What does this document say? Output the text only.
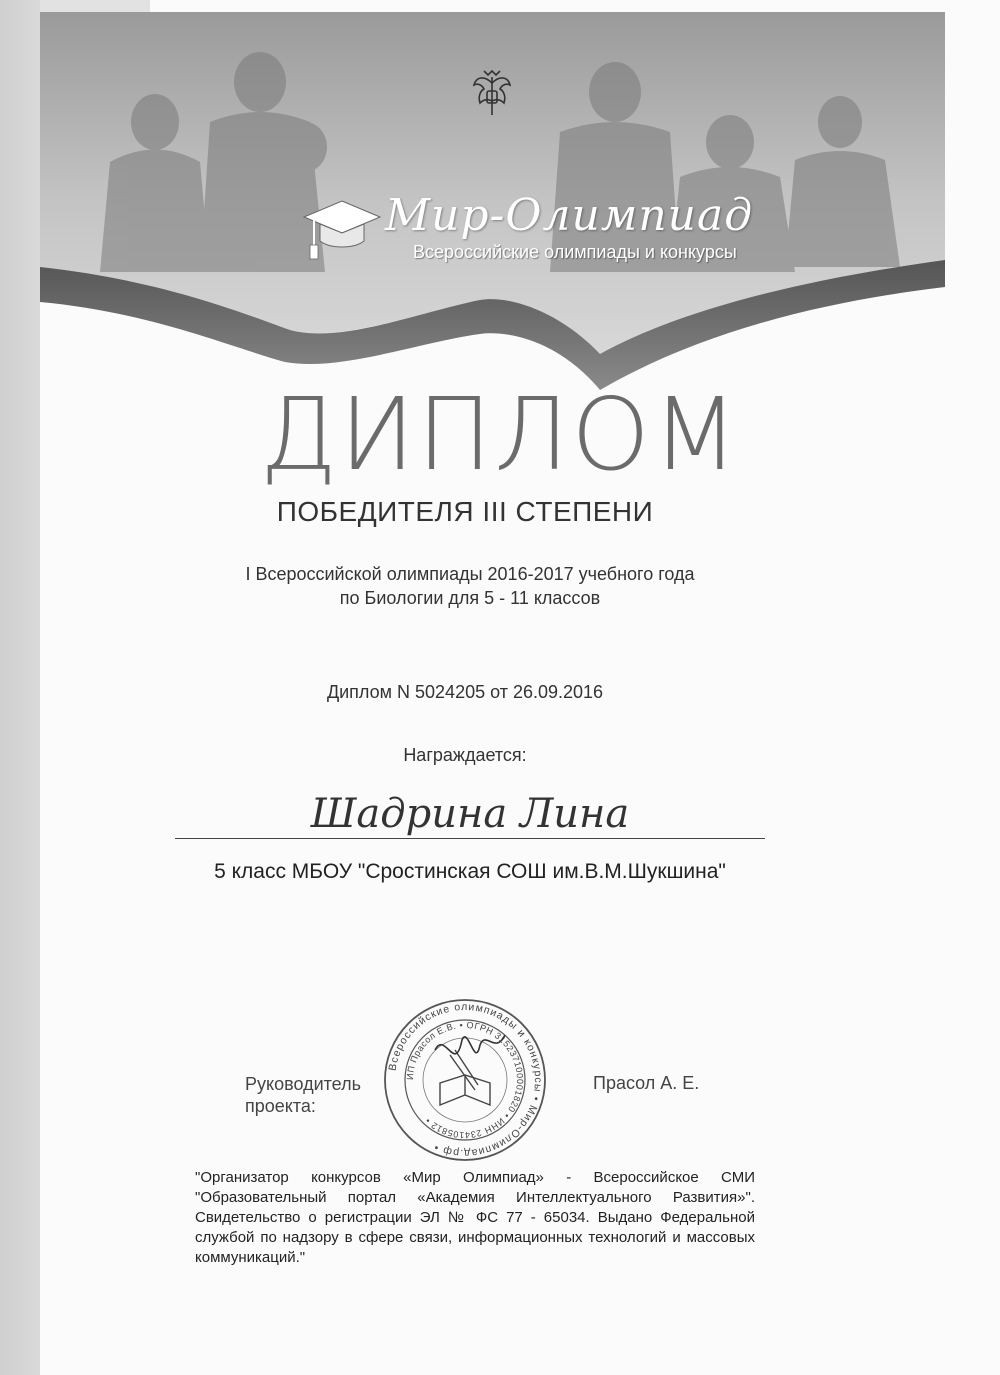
Мир-Олимпиад
Всероссийские олимпиады и конкурсы
ДИПЛОМ
ПОБЕДИТЕЛЯ III СТЕПЕНИ
I Всероссийской олимпиады 2016-2017 учебного года
по Биологии для 5 - 11 классов
Диплом N 5024205 от 26.09.2016
Награждается:
Шадрина Лина
5 класс МБОУ "Сростинская СОШ им.В.М.Шукшина"
Руководитель
проекта:
Прасол А. Е.
Всероссийские олимпиады и конкурсы • Мир-Олимпиад.рф •
ИП Прасол Е.В. • ОГРН 315237100001820 • ИНН 234105812 •
"Организатор конкурсов «Мир Олимпиад» - Всероссийское СМИ "Образовательный портал «Академия Интеллектуального Развития»". Свидетельство о регистрации ЭЛ № ФС 77 - 65034. Выдано Федеральной службой по надзору в сфере связи, информационных технологий и массовых коммуникаций."
